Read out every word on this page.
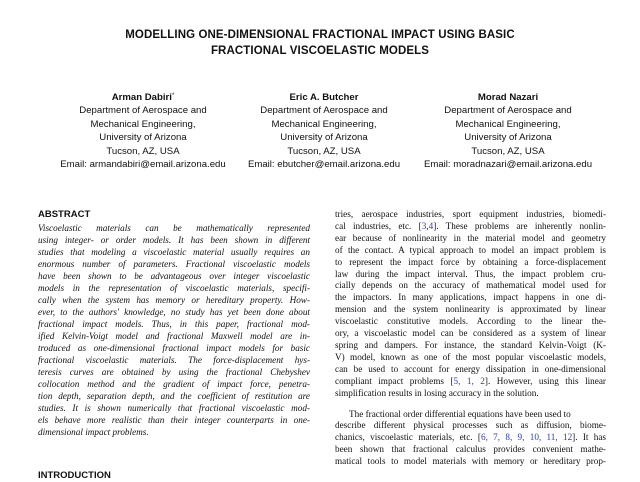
MODELLING ONE-DIMENSIONAL FRACTIONAL IMPACT USING BASIC
FRACTIONAL VISCOELASTIC MODELS
Arman Dabiri*
Department of Aerospace and
Mechanical Engineering,
University of Arizona
Tucson, AZ, USA
Email: armandabiri@email.arizona.edu
Eric A. Butcher
Department of Aerospace and
Mechanical Engineering,
University of Arizona
Tucson, AZ, USA
Email: ebutcher@email.arizona.edu
Morad Nazari
Department of Aerospace and
Mechanical Engineering,
University of Arizona
Tucson, AZ, USA
Email: moradnazari@email.arizona.edu
ABSTRACT
Viscoelastic materials can be mathematically represented
using integer- or order models. It has been shown in different
studies that modeling a viscoelastic material usually requires an
enormous number of parameters. Fractional viscoelastic models
have been shown to be advantageous over integer viscoelastic
models in the representation of viscoelastic materials, specifi-
cally when the system has memory or hereditary property. How-
ever, to the authors' knowledge, no study has yet been done about
fractional impact models. Thus, in this paper, fractional mod-
ified Kelvin-Voigt model and fractional Maxwell model are in-
troduced as one-dimensional fractional impact models for basic
fractional viscoelastic materials. The force-displacement hys-
teresis curves are obtained by using the fractional Chebyshev
collocation method and the gradient of impact force, penetra-
tion depth, separation depth, and the coefficient of restitution are
studies. It is shown numerically that fractional viscoelastic mod-
els behave more realistic than their integer counterparts in one-
dimensional impact problems.
INTRODUCTION
tries, aerospace industries, sport equipment industries, biomedi-
cal industries, etc. [3,4]. These problems are inherently nonlin-
ear because of nonlinearity in the material model and geometry
of the contact. A typical approach to model an impact problem is
to represent the impact force by obtaining a force-displacement
law during the impact interval. Thus, the impact problem cru-
cially depends on the accuracy of mathematical model used for
the impactors. In many applications, impact happens in one di-
mension and the system nonlinearity is approximated by linear
viscoelastic constitutive models. According to the linear the-
ory, a viscoelastic model can be considered as a system of linear
spring and dampers. For instance, the standard Kelvin-Voigt (K-
V) model, known as one of the most popular viscoelastic models,
can be used to account for energy dissipation in one-dimensional
compliant impact problems [5, 1, 2]. However, using this linear
simplification results in losing accuracy in the solution.
The fractional order differential equations have been used to
describe different physical processes such as diffusion, biome-
chanics, viscoelastic materials, etc. [6, 7, 8, 9, 10, 11, 12]. It has
been shown that fractional calculus provides convenient mathe-
matical tools to model materials with memory or hereditary prop-
